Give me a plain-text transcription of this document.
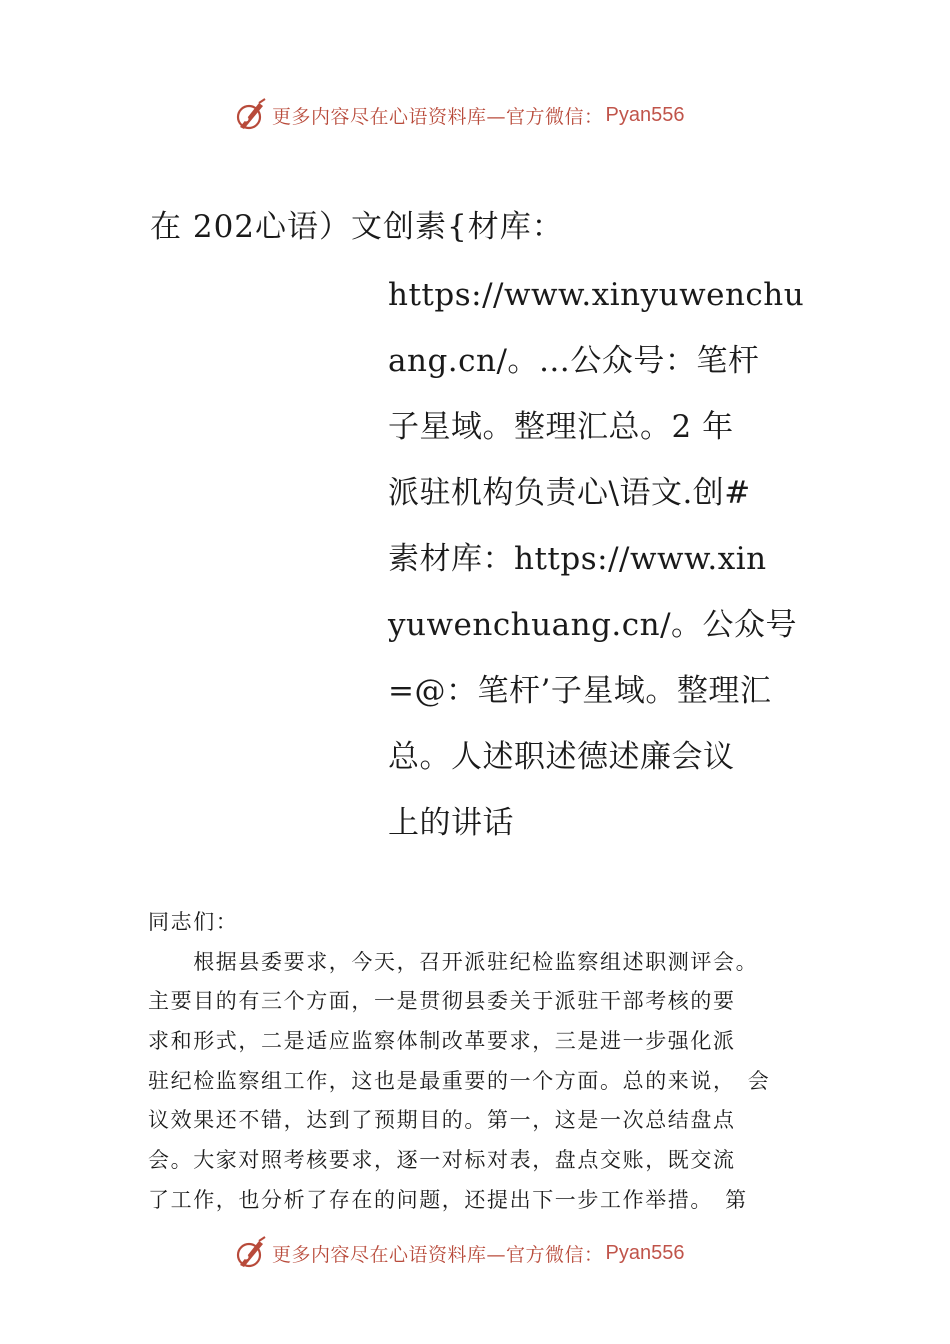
更多内容尽在心语资料库—官方微信： Pyan556
在 202心语）文创素{材库：
https://www.xinyuwenchu
ang.cn/。…公众号：笔杆
子星域。整理汇总。2 年
派驻机构负责心\语文.创#
素材库：https://www.xin
yuwenchuang.cn/。公众号
=@：笔杆’子星域。整理汇
总。人述职述德述廉会议
上的讲话
同志们：
　　根据县委要求，今天，召开派驻纪检监察组述职测评会。
主要目的有三个方面，一是贯彻县委关于派驻干部考核的要
求和形式，二是适应监察体制改革要求，三是进一步强化派
驻纪检监察组工作，这也是最重要的一个方面。总的来说，　会
议效果还不错，达到了预期目的。第一，这是一次总结盘点
会。大家对照考核要求，逐一对标对表，盘点交账，既交流
了工作，也分析了存在的问题，还提出下一步工作举措。　第
更多内容尽在心语资料库—官方微信： Pyan556
